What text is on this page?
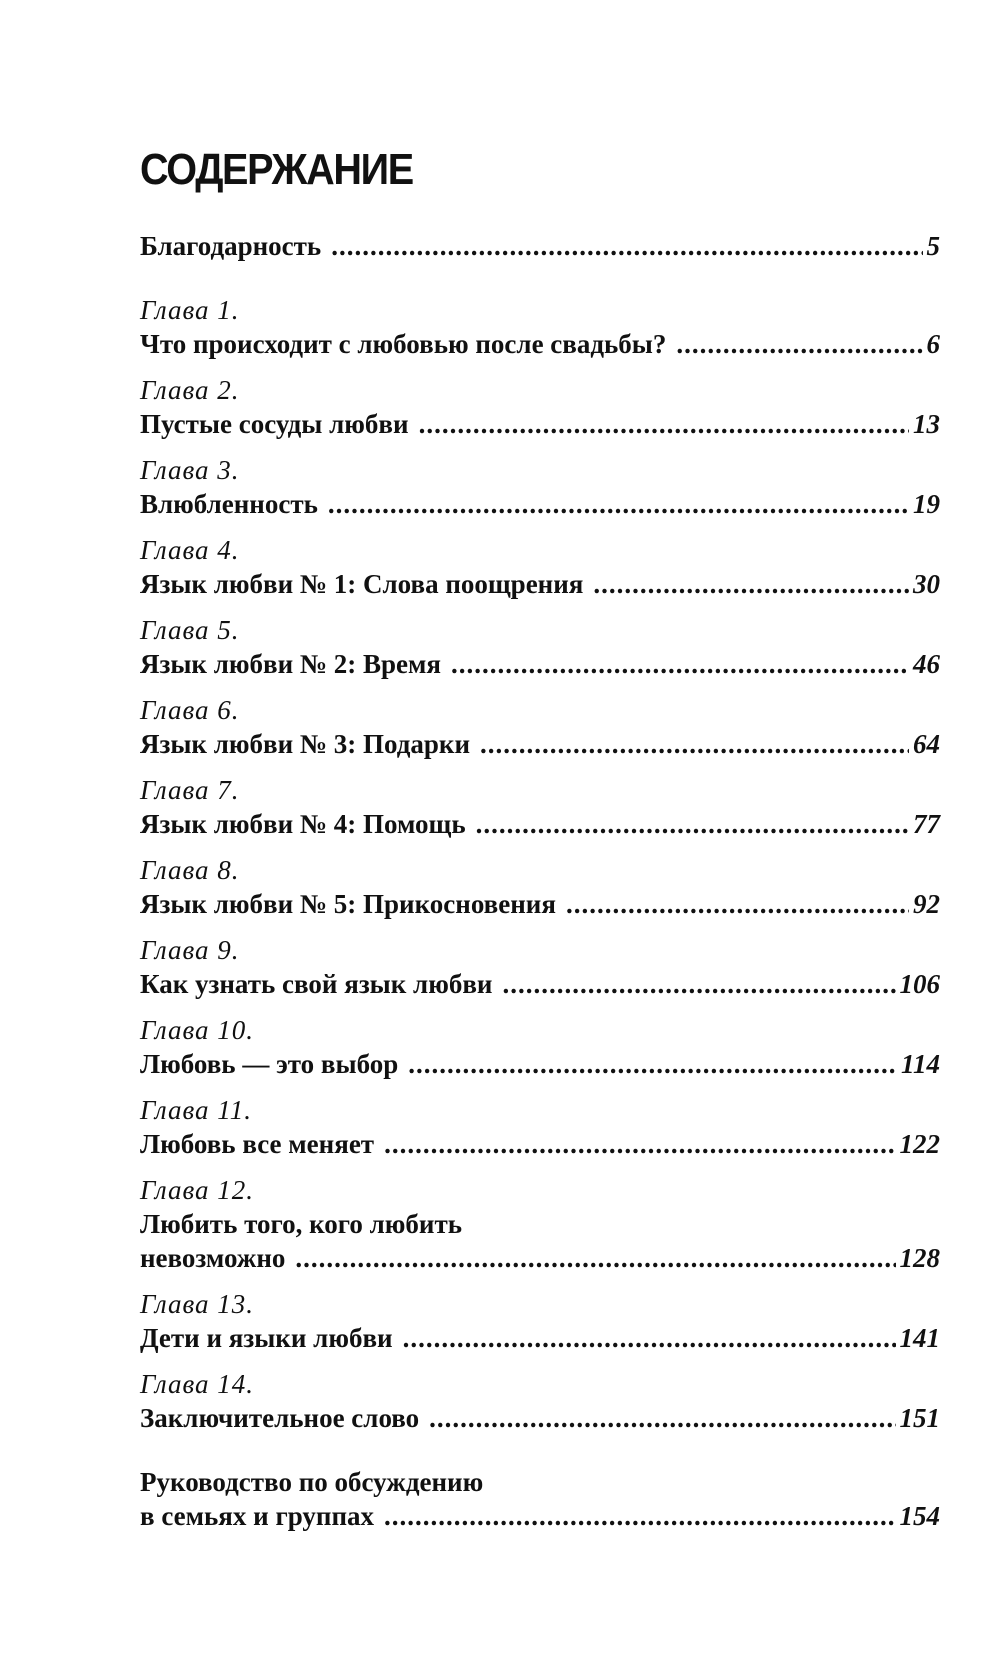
СОДЕРЖАНИЕ
Благодарность .....	5
Глава 1.
Что происходит с любовью после свадьбы? .....	6
Глава 2.
Пустые сосуды любви .....	13
Глава 3.
Влюбленность .....	19
Глава 4.
Язык любви № 1: Слова поощрения .....	30
Глава 5.
Язык любви № 2: Время .....	46
Глава 6.
Язык любви № 3: Подарки .....	64
Глава 7.
Язык любви № 4: Помощь .....	77
Глава 8.
Язык любви № 5: Прикосновения .....	92
Глава 9.
Как узнать свой язык любви .....	106
Глава 10.
Любовь — это выбор .....	114
Глава 11.
Любовь все меняет .....	122
Глава 12.
Любить того, кого любить
невозможно .....	128
Глава 13.
Дети и языки любви .....	141
Глава 14.
Заключительное слово .....	151
Руководство по обсуждению
в семьях и группах .....	154
